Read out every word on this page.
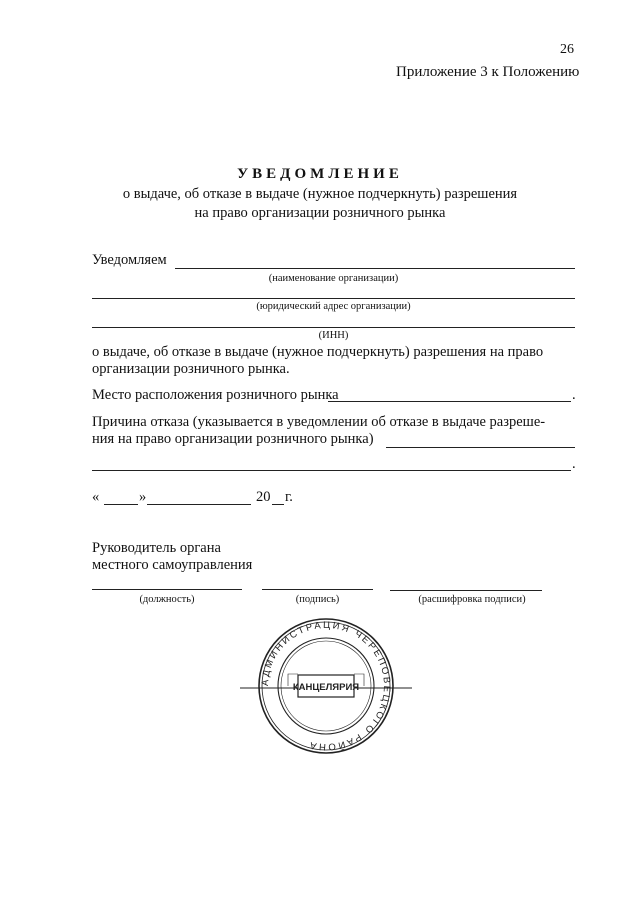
26
Приложение 3 к Положению
УВЕДОМЛЕНИЕ
о выдаче, об отказе в выдаче (нужное подчеркнуть) разрешения
на право организации розничного рынка
Уведомляем
(наименование организации)
(юридический адрес организации)
(ИНН)
о выдаче, об отказе в выдаче (нужное подчеркнуть) разрешения на право
организации розничного рынка.
Место расположения розничного рынка	.
Причина отказа (указывается в уведомлении об отказе в выдаче разреше-
ния на право организации розничного рынка)
.
«	»	20 г.
Руководитель органа
местного самоуправления
(должность)	(подпись)	(расшифровка подписи)
АДМИНИСТРАЦИЯ ЧЕРЕПОВЕЦКОГО РАЙОНА
КАНЦЕЛЯРИЯ
